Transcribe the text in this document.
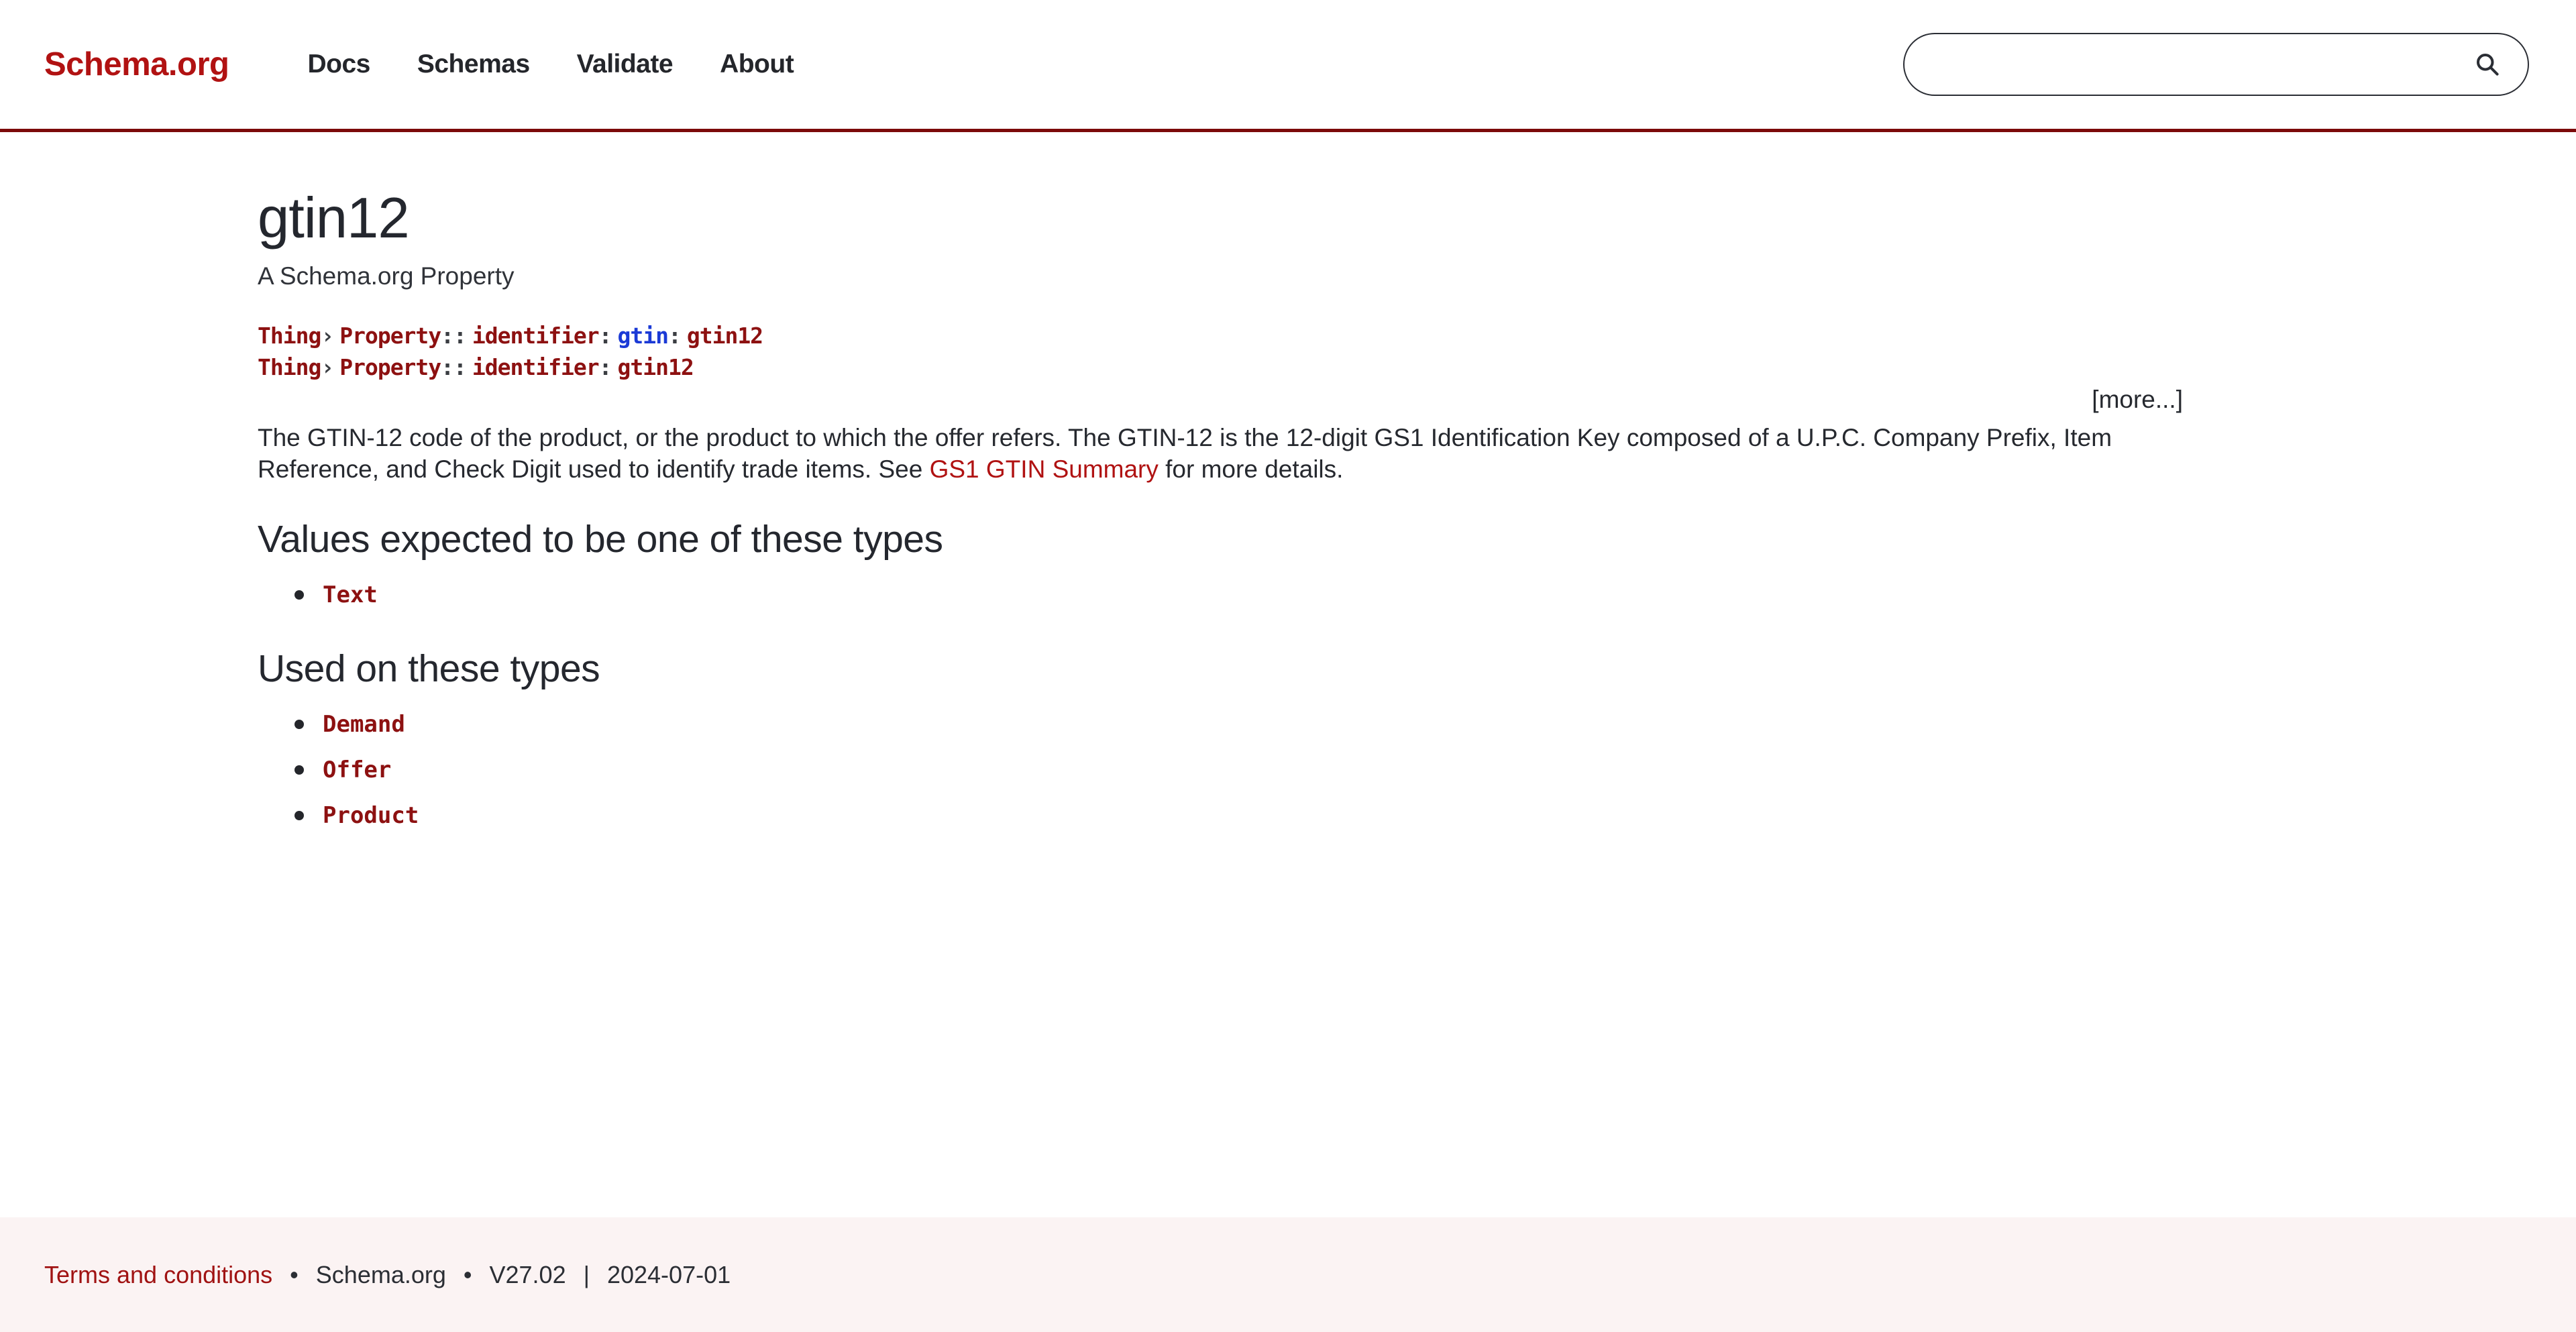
Schema.org	Docs Schemas Validate About
gtin12
A Schema.org Property
Thing› Property:: identifier: gtin: gtin12
Thing› Property:: identifier: gtin12
[more...]

The GTIN-12 code of the product, or the product to which the offer refers. The GTIN-12 is the 12-digit GS1 Identification Key composed of a U.P.C. Company Prefix, Item Reference, and Check Digit used to identify trade items. See GS1 GTIN Summary for more details.

Values expected to be one of these types
Text
Used on these types
Demand
Offer
Product
Terms and conditions • Schema.org • V27.02 | 2024-07-01
